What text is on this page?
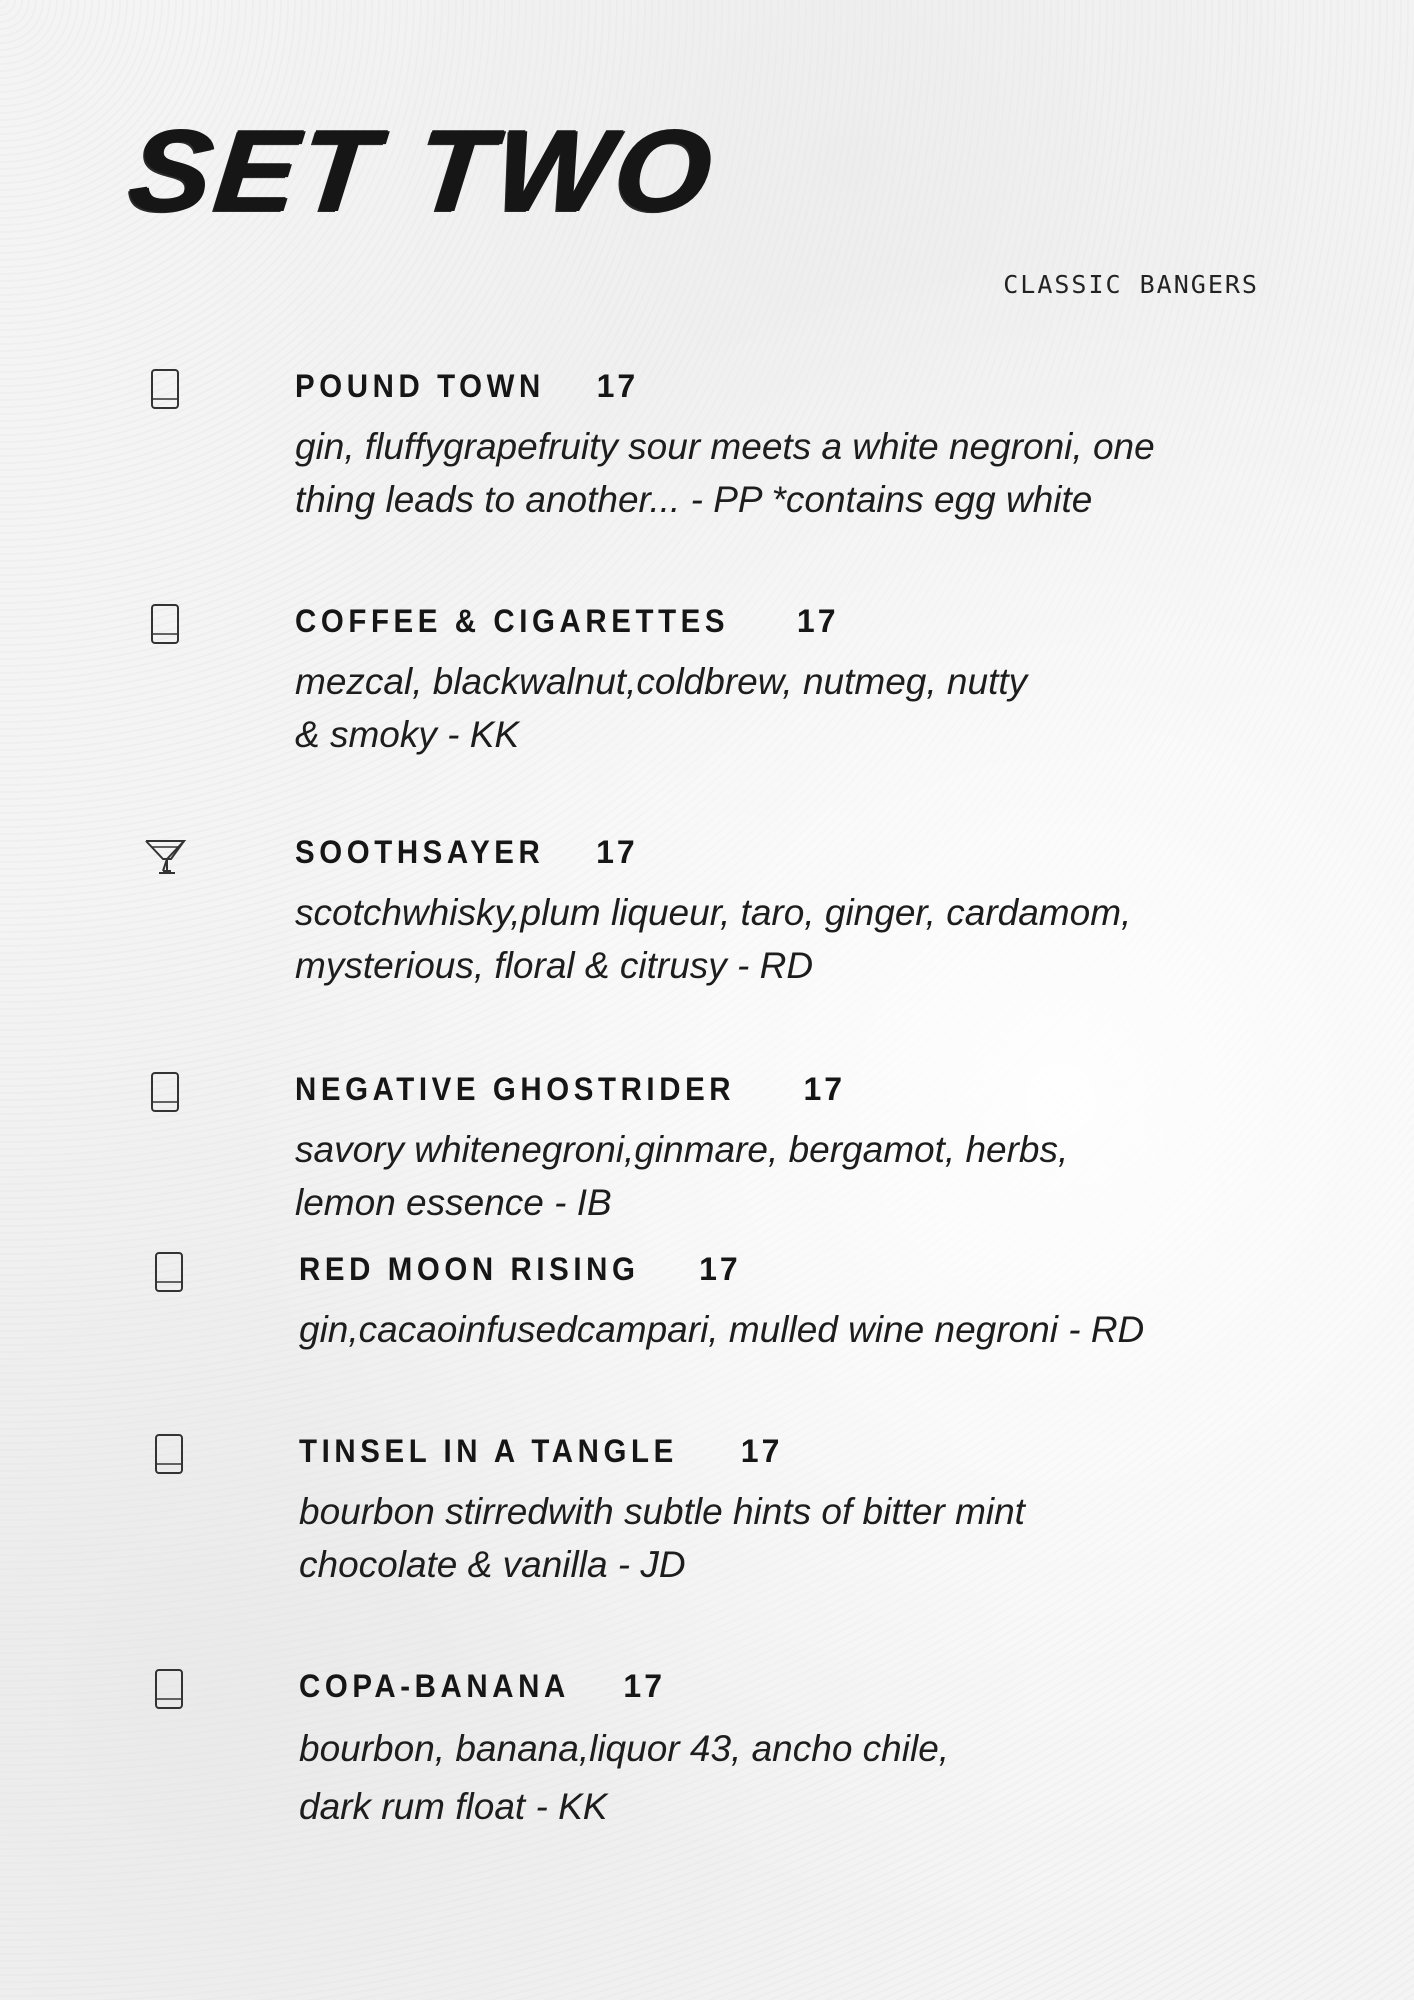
SET TWO
CLASSIC BANGERS
POUND TOWN 17
gin, fluffygrapefruity sour meets a white negroni, one
thing leads to another... - PP *contains egg white
COFFEE & CIGARETTES 17
mezcal, blackwalnut,coldbrew, nutmeg, nutty
& smoky - KK
SOOTHSAYER 17
scotchwhisky,plum liqueur, taro, ginger, cardamom,
mysterious, floral & citrusy - RD
NEGATIVE GHOSTRIDER 17
savory whitenegroni,ginmare, bergamot, herbs,
lemon essence - IB
RED MOON RISING 17
gin,cacaoinfusedcampari, mulled wine negroni - RD
TINSEL IN A TANGLE 17
bourbon stirredwith subtle hints of bitter mint
chocolate & vanilla - JD
COPA-BANANA 17
bourbon, banana,liquor 43, ancho chile,
dark rum float - KK
